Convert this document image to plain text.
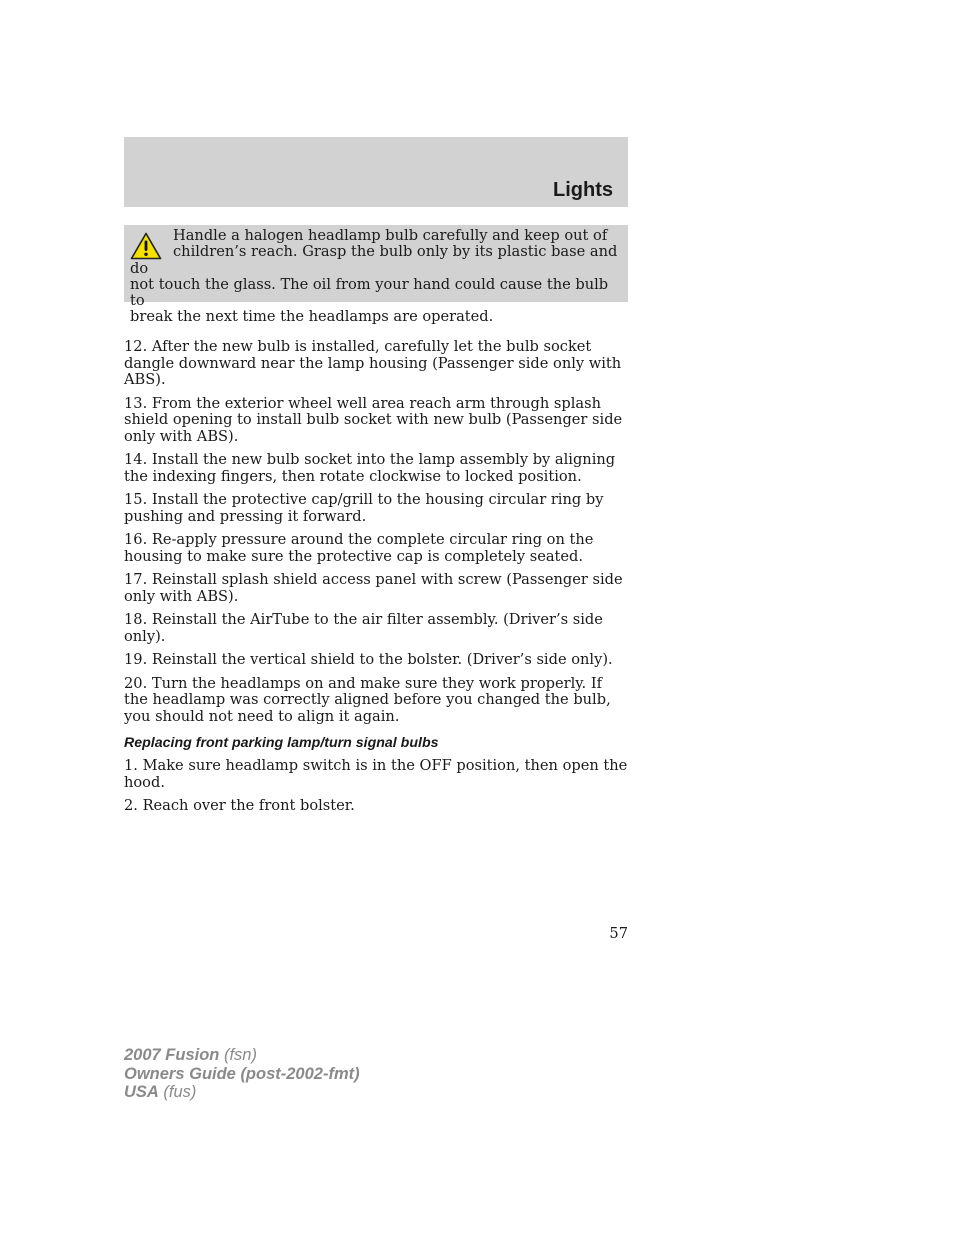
Lights

Handle a halogen headlamp bulb carefully and keep out of
children’s reach. Grasp the bulb only by its plastic base and do
not touch the glass. The oil from your hand could cause the bulb to
break the next time the headlamps are operated.

12. After the new bulb is installed, carefully let the bulb socket dangle downward near the lamp housing (Passenger side only with ABS).

13. From the exterior wheel well area reach arm through splash shield opening to install bulb socket with new bulb (Passenger side only with ABS).

14. Install the new bulb socket into the lamp assembly by aligning the indexing fingers, then rotate clockwise to locked position.

15. Install the protective cap/grill to the housing circular ring by pushing and pressing it forward.

16. Re-apply pressure around the complete circular ring on the housing to make sure the protective cap is completely seated.

17. Reinstall splash shield access panel with screw (Passenger side only with ABS).

18. Reinstall the AirTube to the air filter assembly. (Driver’s side only).

19. Reinstall the vertical shield to the bolster. (Driver’s side only).

20. Turn the headlamps on and make sure they work properly. If the headlamp was correctly aligned before you changed the bulb, you should not need to align it again.

Replacing front parking lamp/turn signal bulbs

1. Make sure headlamp switch is in the OFF position, then open the hood.

2. Reach over the front bolster.

57
2007 Fusion (fsn)
Owners Guide (post-2002-fmt)
USA (fus)
